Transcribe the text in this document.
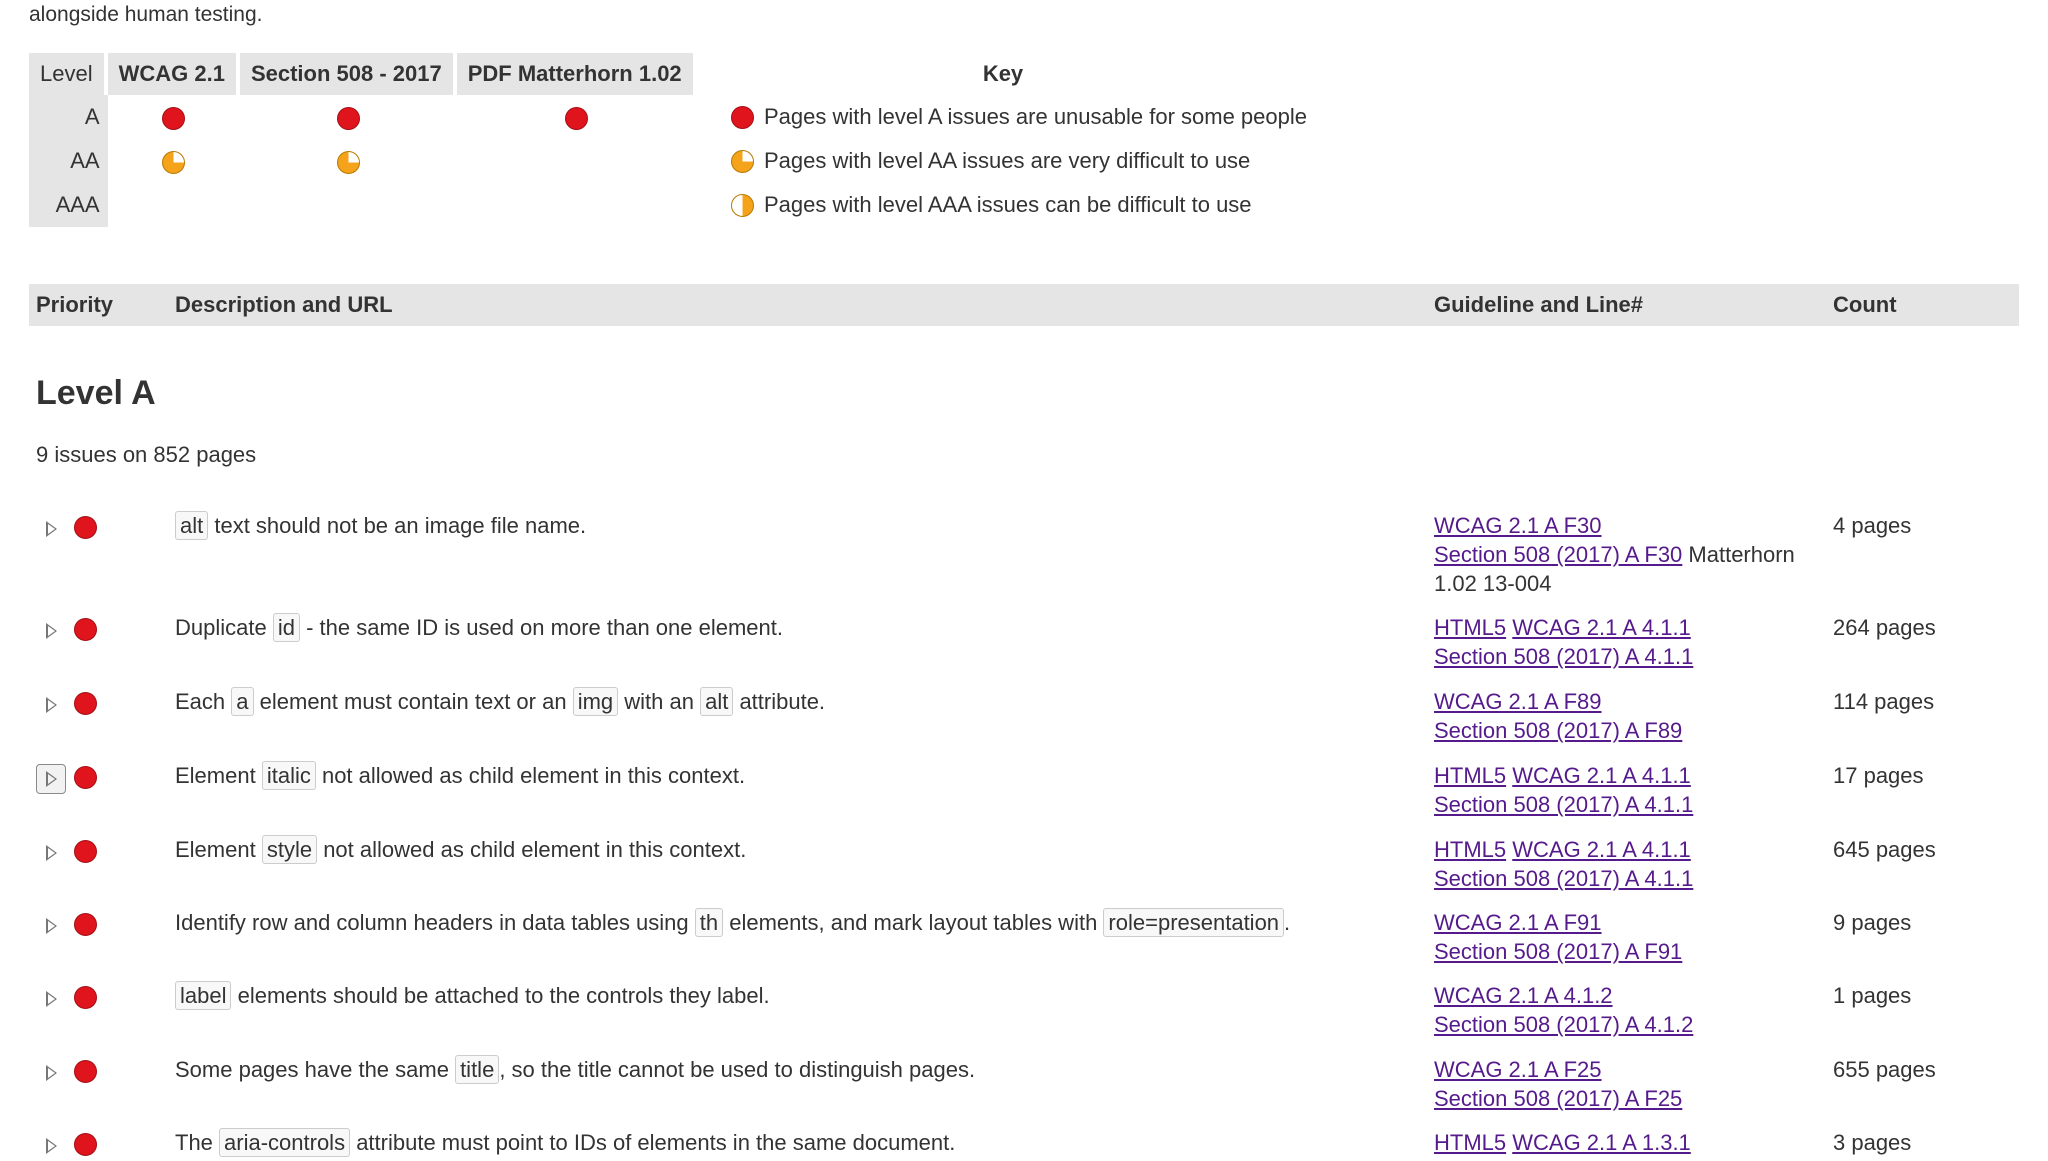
alongside human testing.

Level	WCAG 2.1	Section 508 - 2017	PDF Matterhorn 1.02
A			
AA			
AAA			
Key
Pages with level A issues are unusable for some people
Pages with level AA issues are very difficult to use
Pages with level AAA issues can be difficult to use
Priority	Description and URL	Guideline and Line#	Count
Level A

9 issues on 852 pages

alt text should not be an image file name.	WCAG 2.1 A F30
Section 508 (2017) A F30 Matterhorn 1.02 13-004
4 pages
Duplicate id - the same ID is used on more than one element.	HTML5 WCAG 2.1 A 4.1.1
Section 508 (2017) A 4.1.1
264 pages
Each a element must contain text or an img with an alt attribute.	WCAG 2.1 A F89
Section 508 (2017) A F89
114 pages
Element italic not allowed as child element in this context.	HTML5 WCAG 2.1 A 4.1.1
Section 508 (2017) A 4.1.1
17 pages
Element style not allowed as child element in this context.	HTML5 WCAG 2.1 A 4.1.1
Section 508 (2017) A 4.1.1
645 pages
Identify row and column headers in data tables using th elements, and mark layout tables with role=presentation .	WCAG 2.1 A F91
Section 508 (2017) A F91
9 pages
label elements should be attached to the controls they label.	WCAG 2.1 A 4.1.2
Section 508 (2017) A 4.1.2
1 pages
Some pages have the same title , so the title cannot be used to distinguish pages.	WCAG 2.1 A F25
Section 508 (2017) A F25
655 pages
The aria-controls attribute must point to IDs of elements in the same document.	HTML5 WCAG 2.1 A 1.3.1	3 pages
